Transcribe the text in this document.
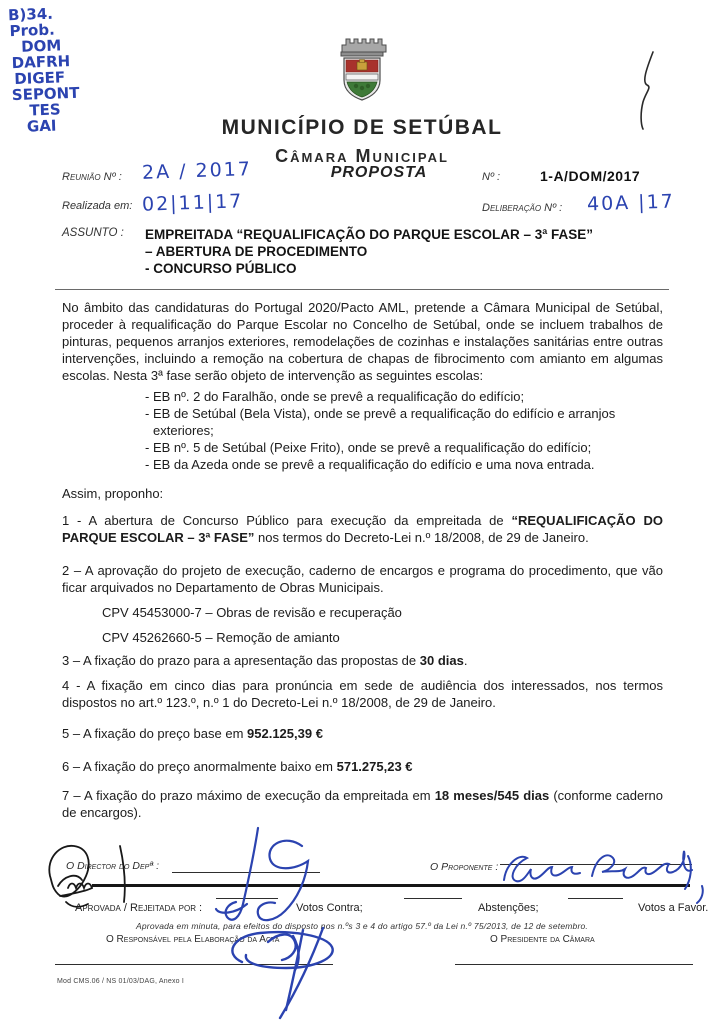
B)34.
Prob.
DOM
DAFRH
DIGEF
SEPONT
TES
GAI	MUNICÍPIO DE SETÚBAL
Câmara Municipal
Reunião Nº : 2A / 2017
Realizada em: 02|11|17
PROPOSTA	Nº :	1-A/DOM/2017
Deliberação Nº : 40A |17
ASSUNTO : EMPREITADA “REQUALIFICAÇÃO DO PARQUE ESCOLAR – 3ª FASE”
– ABERTURA DE PROCEDIMENTO
- CONCURSO PÚBLICO

No âmbito das candidaturas do Portugal 2020/Pacto AML, pretende a Câmara Municipal de Setúbal, proceder à requalificação do Parque Escolar no Concelho de Setúbal, onde se incluem trabalhos de pinturas, pequenos arranjos exteriores, remodelações de cozinhas e instalações sanitárias entre outras intervenções, incluindo a remoção na cobertura de chapas de fibrocimento com amianto em algumas escolas. Nesta 3ª fase serão objeto de intervenção as seguintes escolas:

- EB nº. 2 do Faralhão, onde se prevê a requalificação do edifício;
- EB de Setúbal (Bela Vista), onde se prevê a requalificação do edifício e arranjos exteriores;
- EB nº. 5 de Setúbal (Peixe Frito), onde se prevê a requalificação do edifício;
- EB da Azeda onde se prevê a requalificação do edifício e uma nova entrada.

Assim, proponho:

1 - A abertura de Concurso Público para execução da empreitada de “REQUALIFICAÇÃO DO PARQUE ESCOLAR – 3ª FASE” nos termos do Decreto-Lei n.º 18/2008, de 29 de Janeiro.

2 – A aprovação do projeto de execução, caderno de encargos e programa do procedimento, que vão ficar arquivados no Departamento de Obras Municipais.

CPV 45453000-7 – Obras de revisão e recuperação

CPV 45262660-5 – Remoção de amianto

3 – A fixação do prazo para a apresentação das propostas de 30 dias.

4 - A fixação em cinco dias para pronúncia em sede de audiência dos interessados, nos termos dispostos no art.º 123.º, n.º 1 do Decreto-Lei n.º 18/2008, de 29 de Janeiro.

5 – A fixação do preço base em 952.125,39 €

6 – A fixação do preço anormalmente baixo em 571.275,23 €

7 – A fixação do prazo máximo de execução da empreitada em 18 meses/545 dias (conforme caderno de encargos).

O Director do Depª :	O Proponente :
Aprovada / Rejeitada por :	Votos Contra;	Abstenções;	Votos a Favor.
Aprovada em minuta, para efeitos do disposto nos n.ºs 3 e 4 do artigo 57.º da Lei n.º 75/2013, de 12 de setembro.
O Responsável pela Elaboração da Acta	O Presidente da Câmara
Mod CMS.06 / NS 01/03/DAG, Anexo I
